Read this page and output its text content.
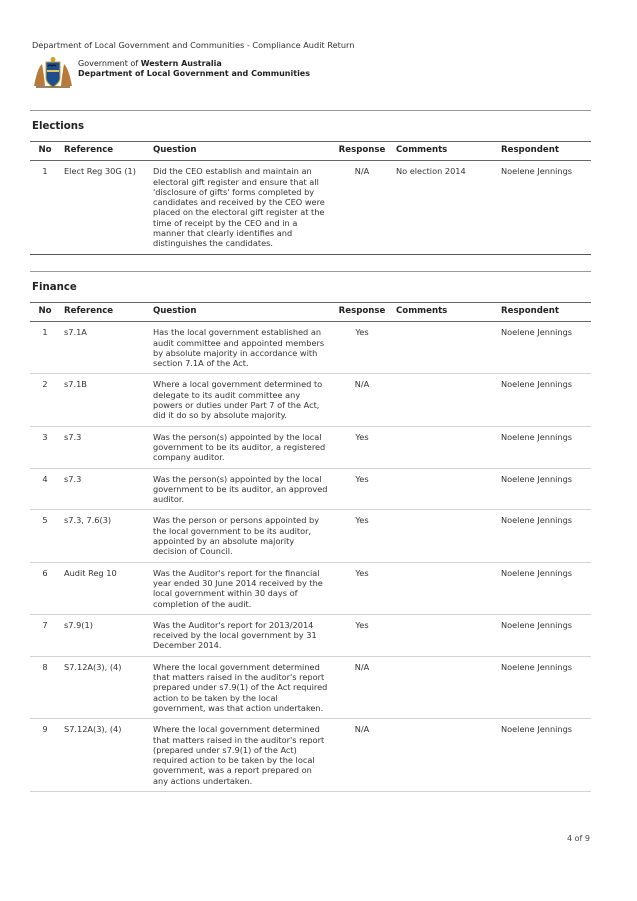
Department of Local Government and Communities - Compliance Audit Return
Government of Western Australia
Department of Local Government and Communities
Elections
No	Reference	Question	Response	Comments	Respondent
1	Elect Reg 30G (1)	Did the CEO establish and maintain an electoral gift register and ensure that all 'disclosure of gifts' forms completed by candidates and received by the CEO were placed on the electoral gift register at the time of receipt by the CEO and in a manner that clearly identifies and distinguishes the candidates.	N/A	No election 2014	Noelene Jennings
Finance
No	Reference	Question	Response	Comments	Respondent
1	s7.1A	Has the local government established an audit committee and appointed members by absolute majority in accordance with section 7.1A of the Act.	Yes		Noelene Jennings
2	s7.1B	Where a local government determined to delegate to its audit committee any powers or duties under Part 7 of the Act, did it do so by absolute majority.	N/A		Noelene Jennings
3	s7.3	Was the person(s) appointed by the local government to be its auditor, a registered company auditor.	Yes		Noelene Jennings
4	s7.3	Was the person(s) appointed by the local government to be its auditor, an approved auditor.	Yes		Noelene Jennings
5	s7.3, 7.6(3)	Was the person or persons appointed by the local government to be its auditor, appointed by an absolute majority decision of Council.	Yes		Noelene Jennings
6	Audit Reg 10	Was the Auditor's report for the financial year ended 30 June 2014 received by the local government within 30 days of completion of the audit.	Yes		Noelene Jennings
7	s7.9(1)	Was the Auditor's report for 2013/2014 received by the local government by 31 December 2014.	Yes		Noelene Jennings
8	S7.12A(3), (4)	Where the local government determined that matters raised in the auditor's report prepared under s7.9(1) of the Act required action to be taken by the local government, was that action undertaken.	N/A		Noelene Jennings
9	S7.12A(3), (4)	Where the local government determined that matters raised in the auditor's report (prepared under s7.9(1) of the Act) required action to be taken by the local government, was a report prepared on any actions undertaken.	N/A		Noelene Jennings
4 of 9
